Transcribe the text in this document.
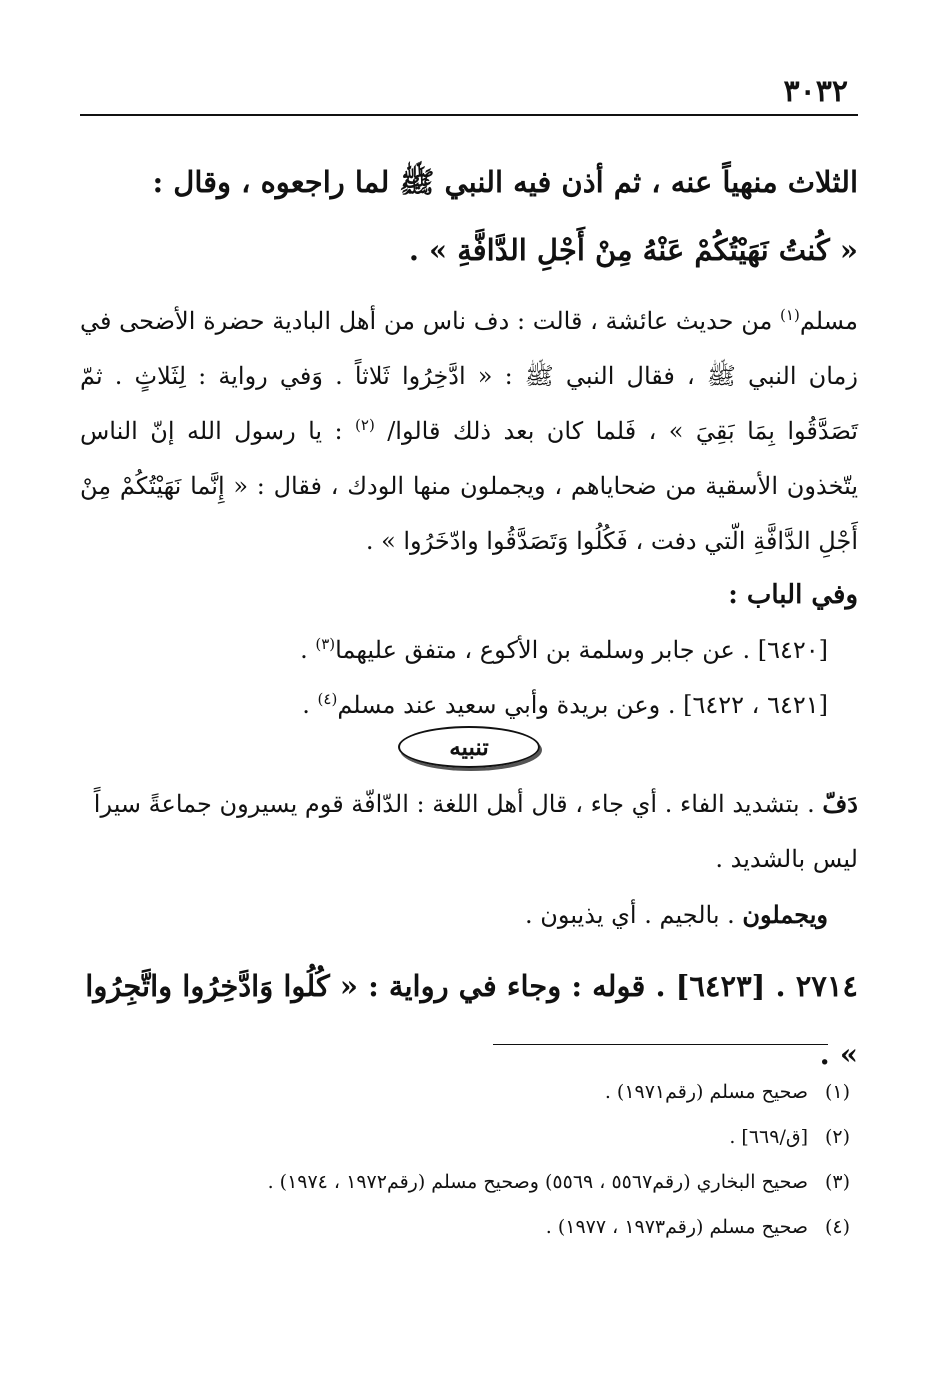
٣٠٣٢
الثلاث منهياً عنه ، ثم أذن فيه النبي ﷺ لما راجعوه ، وقال :
« كُنتُ نَهَيْتُكُمْ عَنْهُ مِنْ أَجْلِ الدَّافَّةِ » .
مسلم$^{(١)}$ من حديث عائشة ، قالت : دف ناس من أهل البادية حضرة الأضحى في زمان النبي ﷺ ، فقال النبي ﷺ : « ادَّخِرُوا ثَلاثاً . وَفي رواية : لِثَلاثٍ . ثمّ تَصَدَّقُوا بِمَا بَقِيَ » ، فَلما كان بعد ذلك قالوا/ $^{(٢)}$ : يا رسول الله إنّ الناس يتّخذون الأسقية من ضحاياهم ، ويجملون منها الودك ، فقال : « إِنَّما نَهَيْتُكُمْ مِنْ أَجْلِ الدَّافَّةِ الّتي دفت ، فَكُلُوا وَتَصَدَّقُوا وادّخَرُوا » .
وفي الباب :
[٦٤٢٠] . عن جابر وسلمة بن الأكوع ، متفق عليهما$^{(٣)}$ .
[٦٤٢١ ، ٦٤٢٢] . وعن بريدة وأبي سعيد عند مسلم$^{(٤)}$ .
تنبيه
دَفّ . بتشديد الفاء . أي جاء ، قال أهل اللغة : الدّافّة قوم يسيرون جماعةً سيراً ليس بالشديد .
ويجملون . بالجيم . أي يذيبون .
٢٧١٤ . [٦٤٢٣] . قوله : وجاء في رواية : « كُلُوا وَادَّخِرُوا واتَّجِرُوا » .
(١)صحيح مسلم (رقم١٩٧١) .
(٢)[ق/٦٦٩] .
(٣)صحيح البخاري (رقم٥٥٦٧ ، ٥٥٦٩) وصحيح مسلم (رقم١٩٧٢ ، ١٩٧٤) .
(٤)صحيح مسلم (رقم١٩٧٣ ، ١٩٧٧) .
